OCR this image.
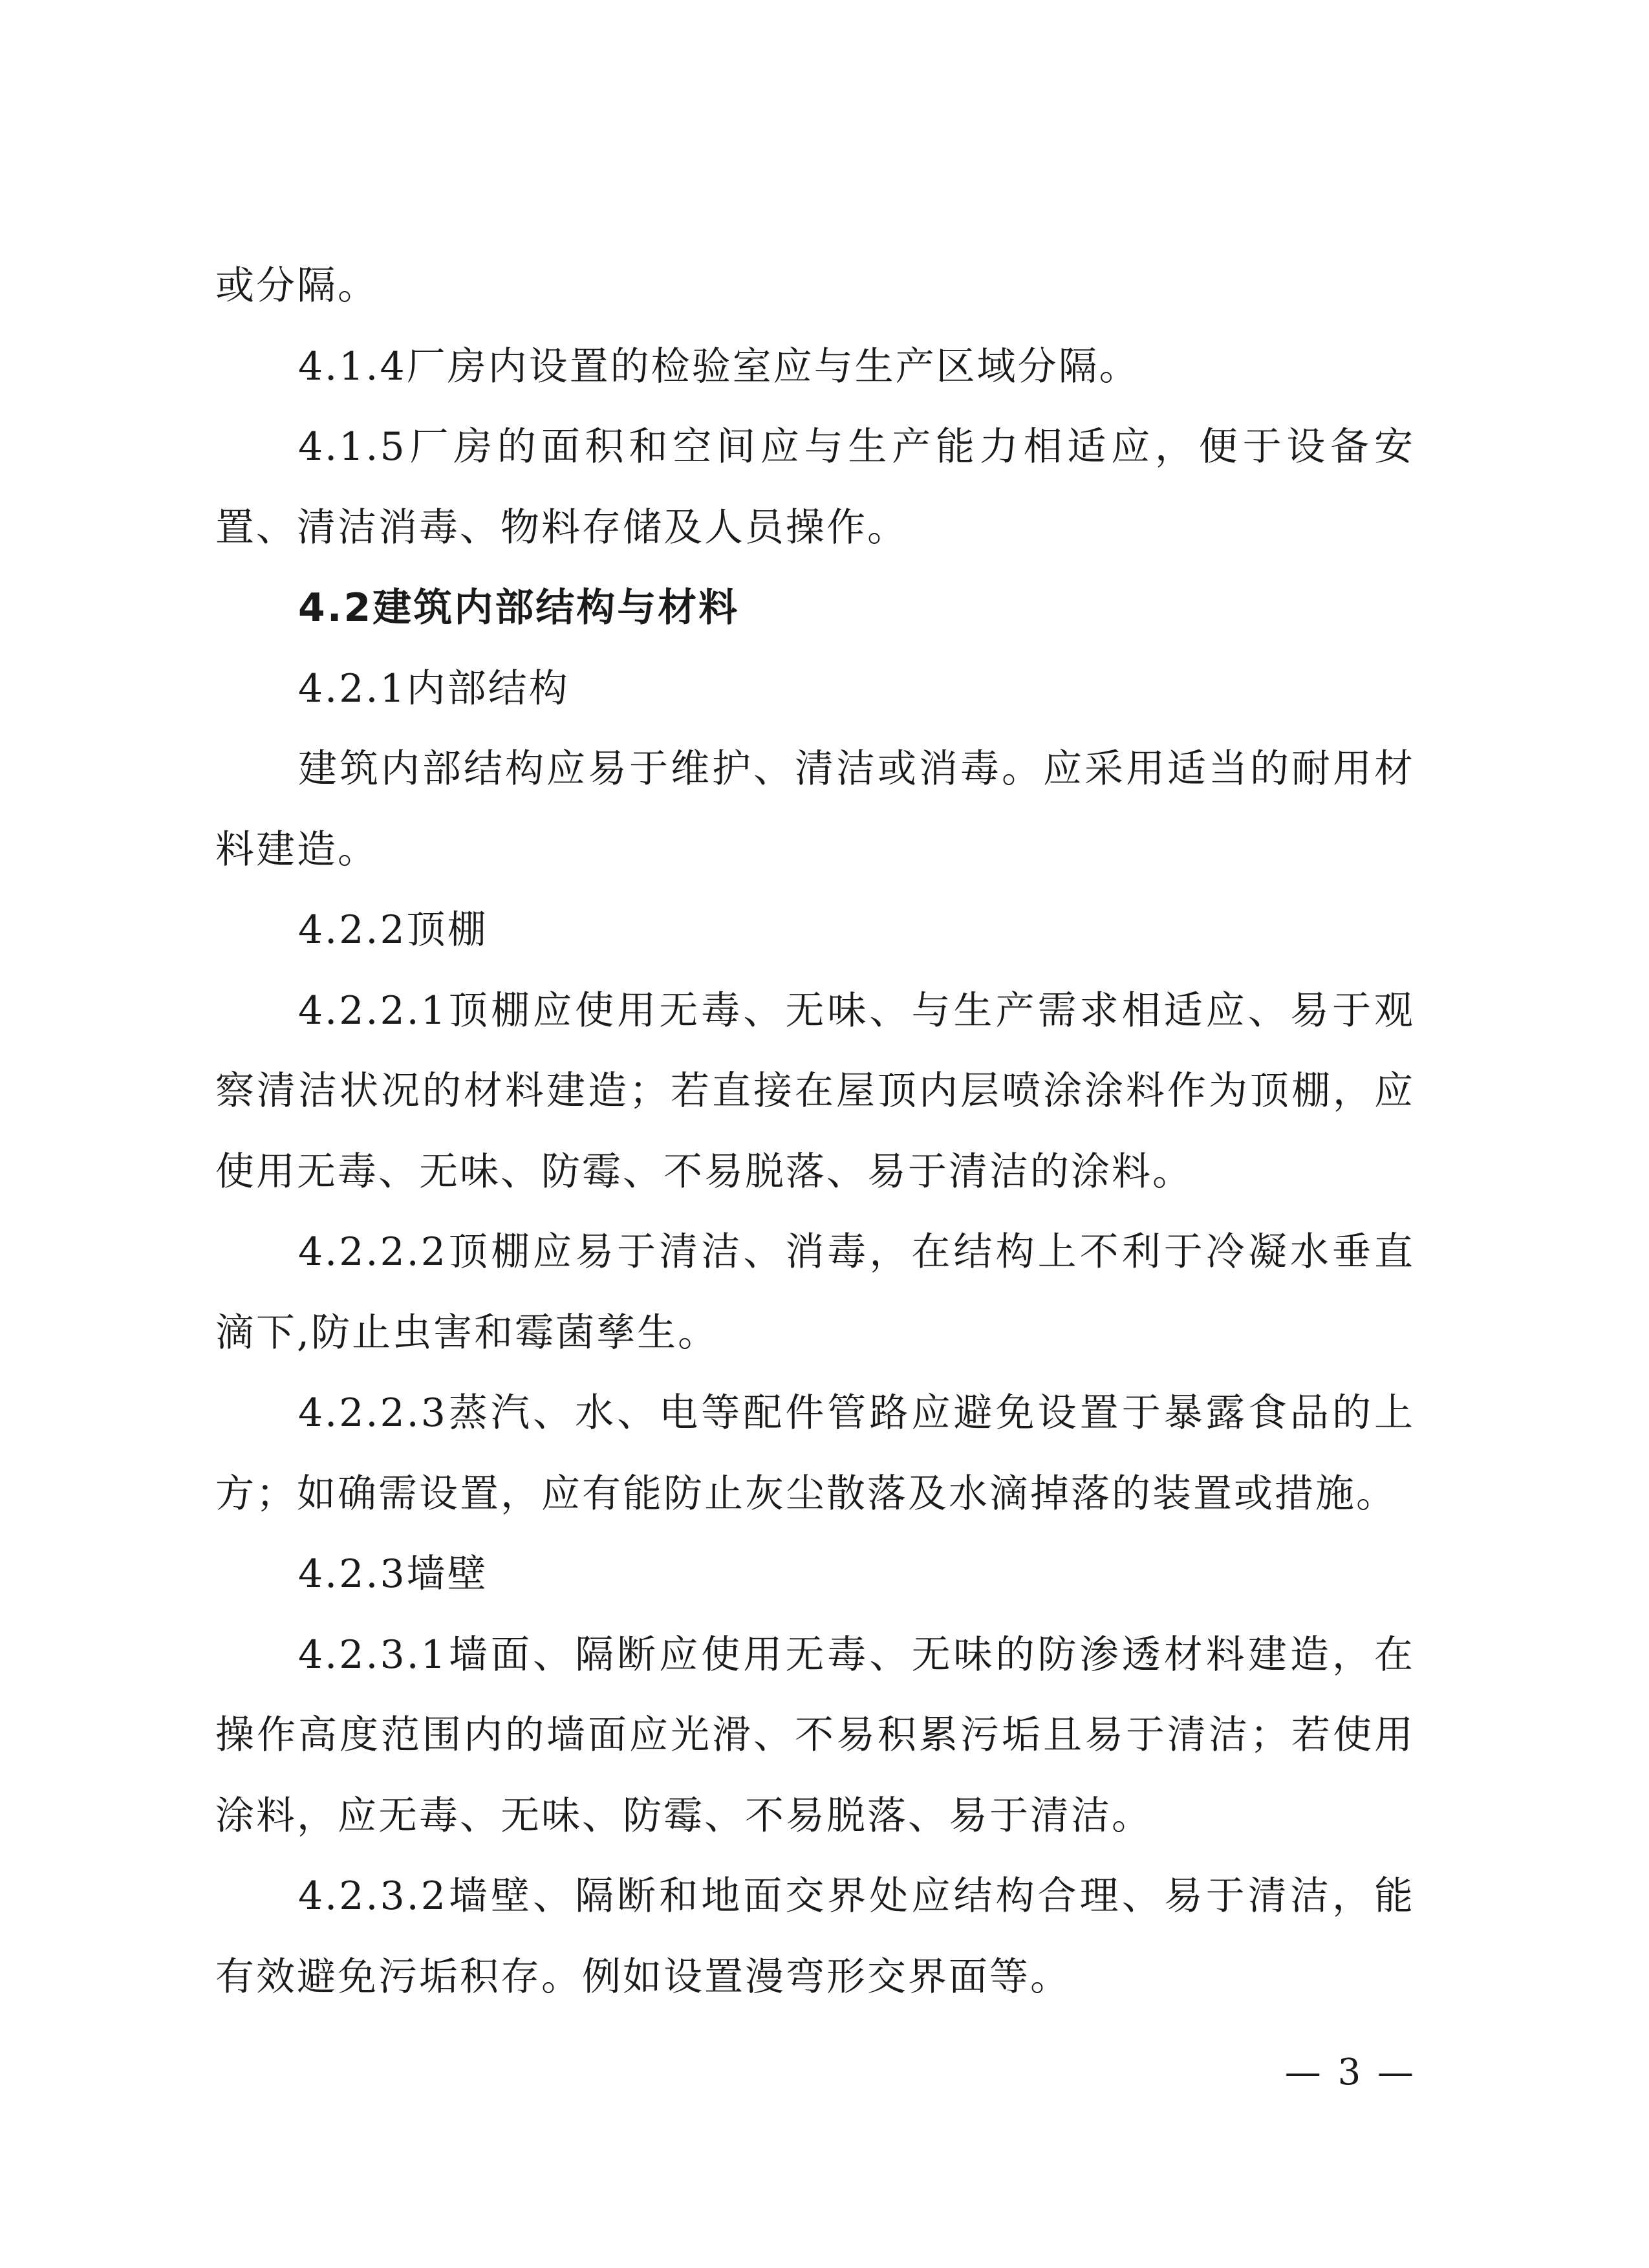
或分隔。

4.1.4厂房内设置的检验室应与生产区域分隔。

4.1.5厂房的面积和空间应与生产能力相适应，便于设备安置、清洁消毒、物料存储及人员操作。

4.2建筑内部结构与材料

4.2.1内部结构

建筑内部结构应易于维护、清洁或消毒。应采用适当的耐用材料建造。

4.2.2顶棚

4.2.2.1顶棚应使用无毒、无味、与生产需求相适应、易于观察清洁状况的材料建造；若直接在屋顶内层喷涂涂料作为顶棚，应使用无毒、无味、防霉、不易脱落、易于清洁的涂料。

4.2.2.2顶棚应易于清洁、消毒，在结构上不利于冷凝水垂直滴下,防止虫害和霉菌孳生。

4.2.2.3蒸汽、水、电等配件管路应避免设置于暴露食品的上方；如确需设置，应有能防止灰尘散落及水滴掉落的装置或措施。

4.2.3墙壁

4.2.3.1墙面、隔断应使用无毒、无味的防渗透材料建造，在操作高度范围内的墙面应光滑、不易积累污垢且易于清洁；若使用涂料，应无毒、无味、防霉、不易脱落、易于清洁。

4.2.3.2墙壁、隔断和地面交界处应结构合理、易于清洁，能有效避免污垢积存。例如设置漫弯形交界面等。

— 3 —
